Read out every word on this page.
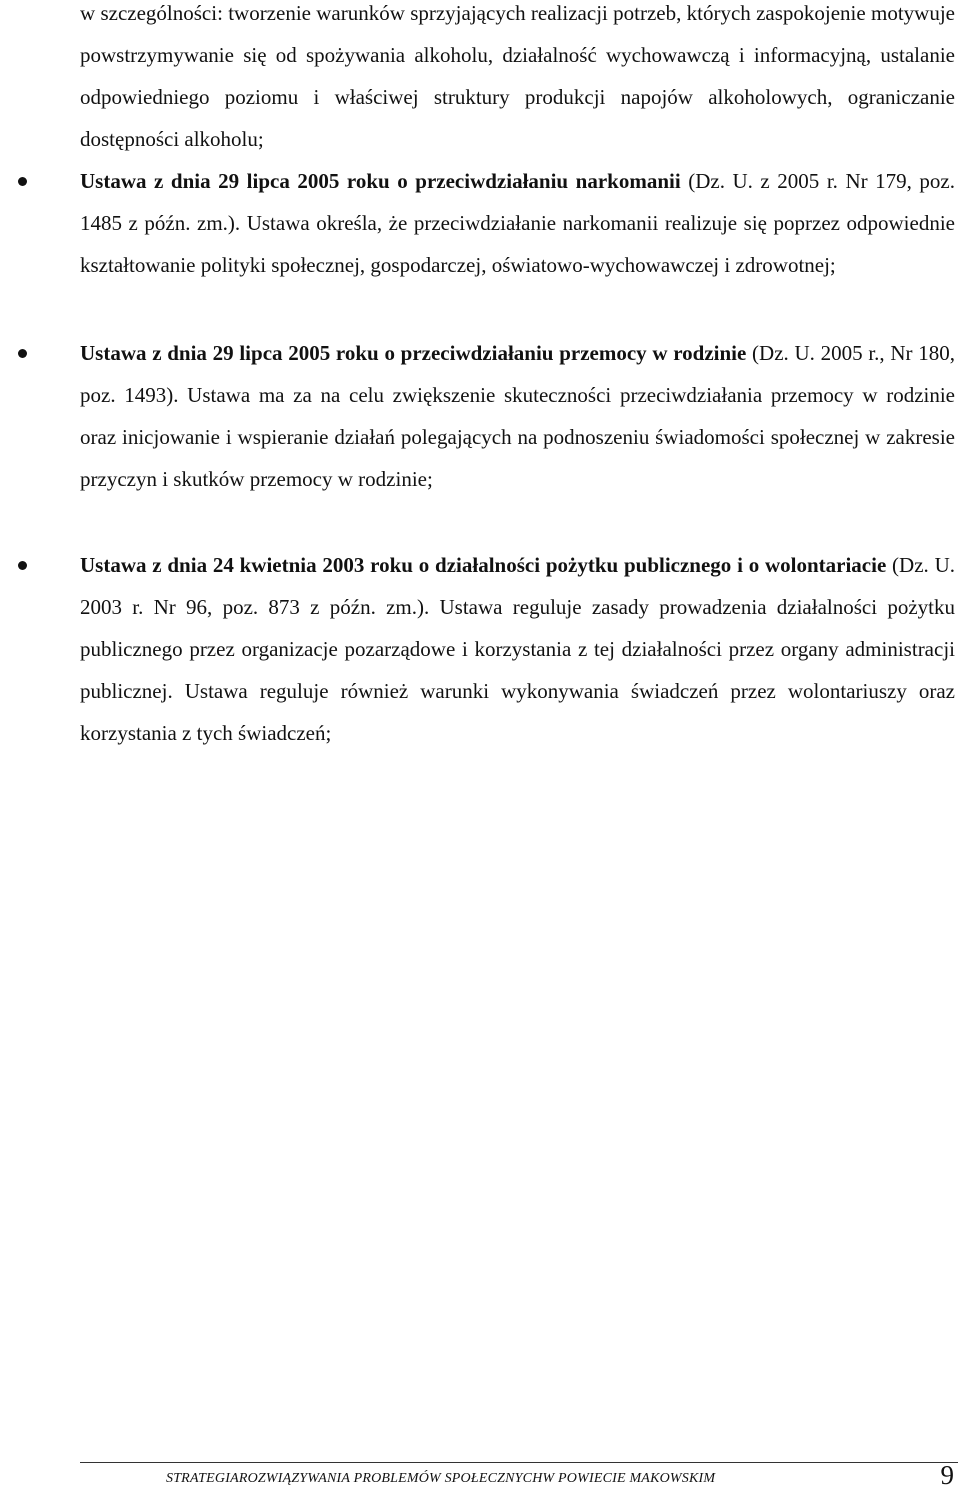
w szczególności: tworzenie warunków sprzyjających realizacji potrzeb, których zaspokojenie motywuje powstrzymywanie się od spożywania alkoholu, działalność wychowawczą i informacyjną, ustalanie odpowiedniego poziomu i właściwej struktury produkcji napojów alkoholowych, ograniczanie dostępności alkoholu;

Ustawa z dnia 29 lipca 2005 roku o przeciwdziałaniu narkomanii (Dz. U. z 2005 r. Nr 179, poz. 1485 z późn. zm.). Ustawa określa, że przeciwdziałanie narkomanii realizuje się poprzez odpowiednie kształtowanie polityki społecznej, gospodarczej, oświatowo-wychowawczej i zdrowotnej;

Ustawa z dnia 29 lipca 2005 roku o przeciwdziałaniu przemocy w rodzinie (Dz. U. 2005 r., Nr 180, poz. 1493). Ustawa ma za na celu zwiększenie skuteczności przeciwdziałania przemocy w rodzinie oraz inicjowanie i wspieranie działań polegających na podnoszeniu świadomości społecznej w zakresie przyczyn i skutków przemocy w rodzinie;

Ustawa z dnia 24 kwietnia 2003 roku o działalności pożytku publicznego i o wolontariacie (Dz. U. 2003 r. Nr 96, poz. 873 z późn. zm.). Ustawa reguluje zasady prowadzenia działalności pożytku publicznego przez organizacje pozarządowe i korzystania z tej działalności przez organy administracji publicznej. Ustawa reguluje również warunki wykonywania świadczeń przez wolontariuszy oraz korzystania z tych świadczeń;

STRATEGIAROZWIĄZYWANIA PROBLEMÓW SPOŁECZNYCHW POWIECIE MAKOWSKIM	9
